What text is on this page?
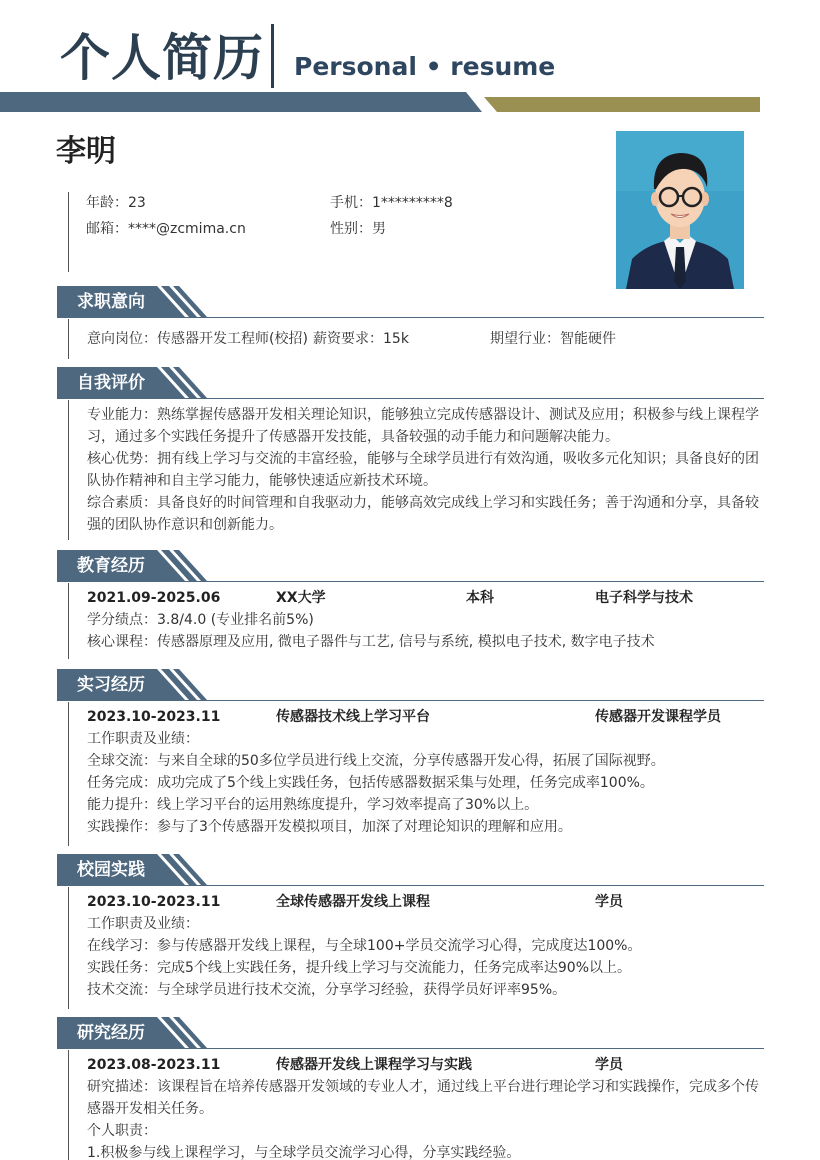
个人简历 Personal • resume
李明
年龄：23	手机：1*********8
邮箱：****@zcmima.cn	性别：男
求职意向
意向岗位：传感器开发工程师(校招) 薪资要求：15k	期望行业：智能硬件
自我评价

专业能力：熟练掌握传感器开发相关理论知识，能够独立完成传感器设计、测试及应用；积极参与线上课程学习，通过多个实践任务提升了传感器开发技能，具备较强的动手能力和问题解决能力。

核心优势：拥有线上学习与交流的丰富经验，能够与全球学员进行有效沟通，吸收多元化知识；具备良好的团队协作精神和自主学习能力，能够快速适应新技术环境。

综合素质：具备良好的时间管理和自我驱动力，能够高效完成线上学习和实践任务；善于沟通和分享，具备较强的团队协作意识和创新能力。

教育经历
2021.09-2025.06	XX大学	本科	电子科学与技术

学分绩点：3.8/4.0 (专业排名前5%)

核心课程：传感器原理及应用, 微电子器件与工艺, 信号与系统, 模拟电子技术, 数字电子技术

实习经历
2023.10-2023.11	传感器技术线上学习平台	传感器开发课程学员

工作职责及业绩：

全球交流：与来自全球的50多位学员进行线上交流，分享传感器开发心得，拓展了国际视野。

任务完成：成功完成了5个线上实践任务，包括传感器数据采集与处理，任务完成率100%。

能力提升：线上学习平台的运用熟练度提升，学习效率提高了30%以上。

实践操作：参与了3个传感器开发模拟项目，加深了对理论知识的理解和应用。

校园实践
2023.10-2023.11	全球传感器开发线上课程	学员

工作职责及业绩：

在线学习：参与传感器开发线上课程，与全球100+学员交流学习心得，完成度达100%。

实践任务：完成5个线上实践任务，提升线上学习与交流能力，任务完成率达90%以上。

技术交流：与全球学员进行技术交流，分享学习经验，获得学员好评率95%。

研究经历
2023.08-2023.11	传感器开发线上课程学习与实践	学员

研究描述：该课程旨在培养传感器开发领域的专业人才，通过线上平台进行理论学习和实践操作，完成多个传感器开发相关任务。

个人职责：

1.积极参与线上课程学习，与全球学员交流学习心得，分享实践经验。
